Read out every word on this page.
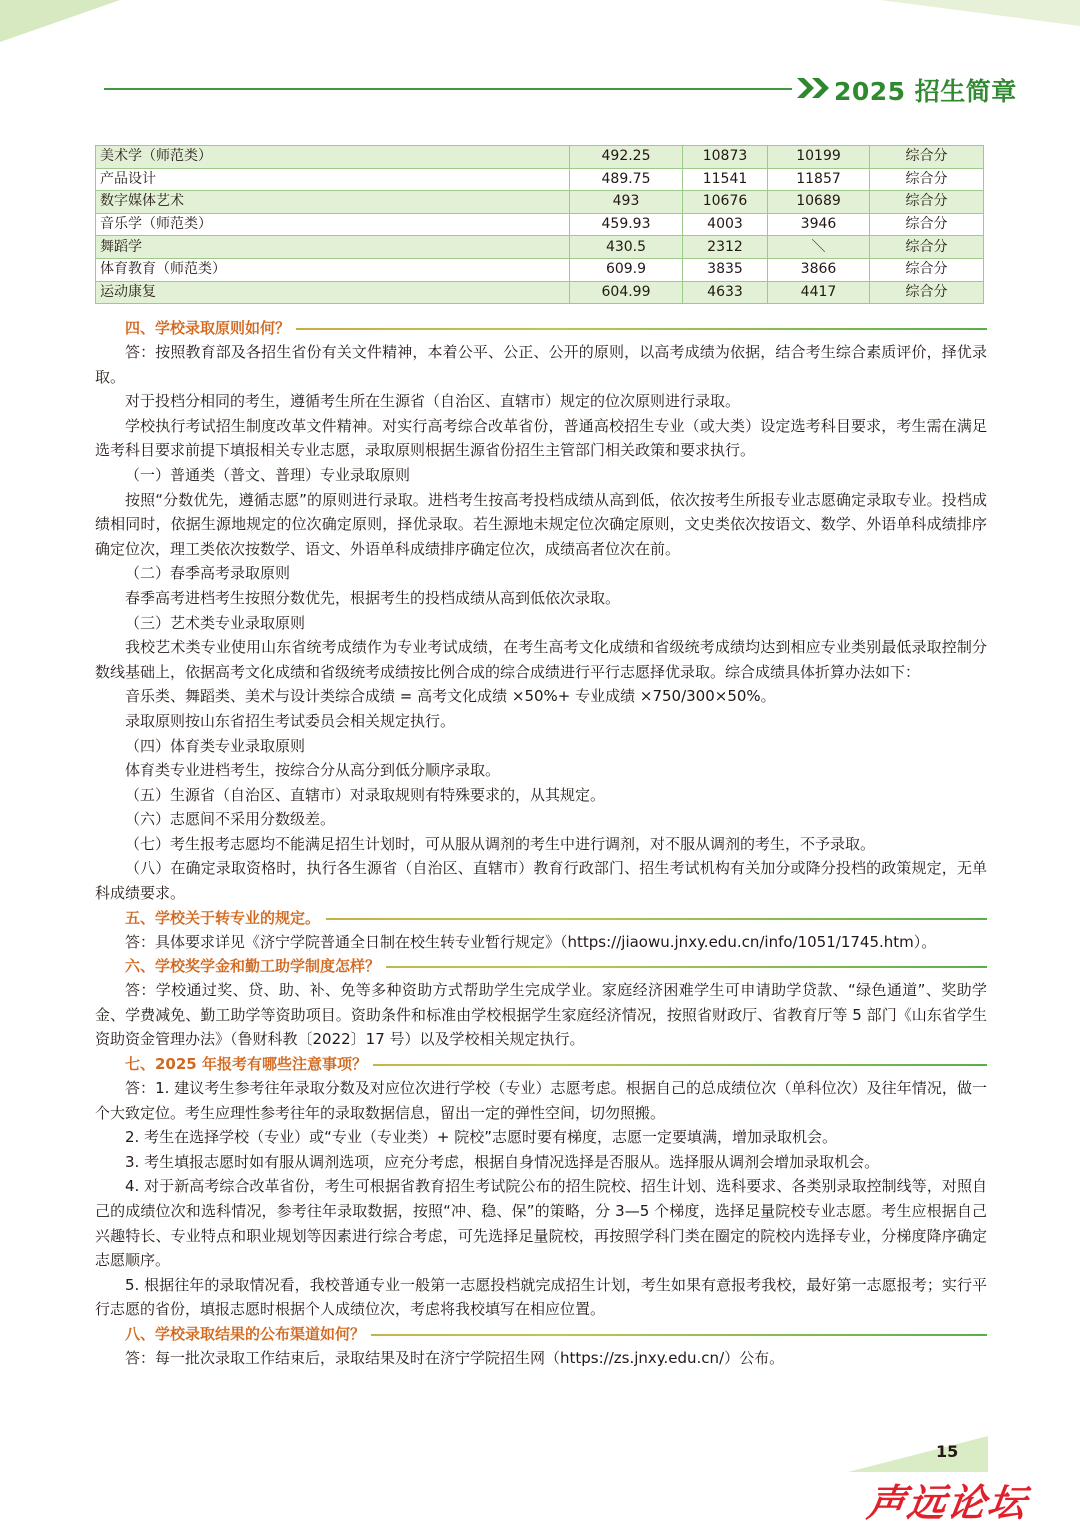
2025 招生简章
美术学（师范类）	492.25	10873	10199	综合分
产品设计	489.75	11541	11857	综合分
数字媒体艺术	493	10676	10689	综合分
音乐学（师范类）	459.93	4003	3946	综合分
舞蹈学	430.5	2312	＼	综合分
体育教育（师范类）	609.9	3835	3866	综合分
运动康复	604.99	4633	4417	综合分
四、学校录取原则如何？

答：按照教育部及各招生省份有关文件精神，本着公平、公正、公开的原则，以高考成绩为依据，结合考生综合素质评价，择优录取。

对于投档分相同的考生，遵循考生所在生源省（自治区、直辖市）规定的位次原则进行录取。

学校执行考试招生制度改革文件精神。对实行高考综合改革省份，普通高校招生专业（或大类）设定选考科目要求，考生需在满足选考科目要求前提下填报相关专业志愿，录取原则根据生源省份招生主管部门相关政策和要求执行。

（一）普通类（普文、普理）专业录取原则

按照“分数优先，遵循志愿”的原则进行录取。进档考生按高考投档成绩从高到低，依次按考生所报专业志愿确定录取专业。投档成绩相同时，依据生源地规定的位次确定原则，择优录取。若生源地未规定位次确定原则，文史类依次按语文、数学、外语单科成绩排序确定位次，理工类依次按数学、语文、外语单科成绩排序确定位次，成绩高者位次在前。

（二）春季高考录取原则

春季高考进档考生按照分数优先，根据考生的投档成绩从高到低依次录取。

（三）艺术类专业录取原则

我校艺术类专业使用山东省统考成绩作为专业考试成绩，在考生高考文化成绩和省级统考成绩均达到相应专业类别最低录取控制分数线基础上，依据高考文化成绩和省级统考成绩按比例合成的综合成绩进行平行志愿择优录取。综合成绩具体折算办法如下：

音乐类、舞蹈类、美术与设计类综合成绩 = 高考文化成绩 ×50%+ 专业成绩 ×750/300×50%。

录取原则按山东省招生考试委员会相关规定执行。

（四）体育类专业录取原则

体育类专业进档考生，按综合分从高分到低分顺序录取。

（五）生源省（自治区、直辖市）对录取规则有特殊要求的，从其规定。

（六）志愿间不采用分数级差。

（七）考生报考志愿均不能满足招生计划时，可从服从调剂的考生中进行调剂，对不服从调剂的考生，不予录取。

（八）在确定录取资格时，执行各生源省（自治区、直辖市）教育行政部门、招生考试机构有关加分或降分投档的政策规定，无单科成绩要求。

五、学校关于转专业的规定。

答：具体要求详见《济宁学院普通全日制在校生转专业暂行规定》（https://jiaowu.jnxy.edu.cn/info/1051/1745.htm）。

六、学校奖学金和勤工助学制度怎样？

答：学校通过奖、贷、助、补、免等多种资助方式帮助学生完成学业。家庭经济困难学生可申请助学贷款、“绿色通道”、奖助学金、学费减免、勤工助学等资助项目。资助条件和标准由学校根据学生家庭经济情况，按照省财政厅、省教育厅等 5 部门《山东省学生资助资金管理办法》（鲁财科教〔2022〕17 号）以及学校相关规定执行。

七、2025 年报考有哪些注意事项？

答：1. 建议考生参考往年录取分数及对应位次进行学校（专业）志愿考虑。根据自己的总成绩位次（单科位次）及往年情况，做一个大致定位。考生应理性参考往年的录取数据信息，留出一定的弹性空间，切勿照搬。

2. 考生在选择学校（专业）或“专业（专业类）+ 院校”志愿时要有梯度，志愿一定要填满，增加录取机会。

3. 考生填报志愿时如有服从调剂选项，应充分考虑，根据自身情况选择是否服从。选择服从调剂会增加录取机会。

4. 对于新高考综合改革省份，考生可根据省教育招生考试院公布的招生院校、招生计划、选科要求、各类别录取控制线等，对照自己的成绩位次和选科情况，参考往年录取数据，按照“冲、稳、保”的策略，分 3—5 个梯度，选择足量院校专业志愿。考生应根据自己兴趣特长、专业特点和职业规划等因素进行综合考虑，可先选择足量院校，再按照学科门类在圈定的院校内选择专业，分梯度降序确定志愿顺序。

5. 根据往年的录取情况看，我校普通专业一般第一志愿投档就完成招生计划，考生如果有意报考我校，最好第一志愿报考；实行平行志愿的省份，填报志愿时根据个人成绩位次，考虑将我校填写在相应位置。

八、学校录取结果的公布渠道如何？

答：每一批次录取工作结束后，录取结果及时在济宁学院招生网（https://zs.jnxy.edu.cn/）公布。

15
声远论坛
